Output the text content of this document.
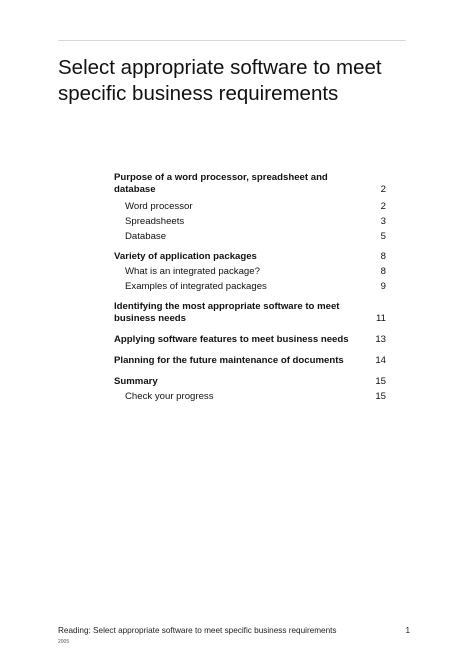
Select appropriate software to meet specific business requirements
Purpose of a word processor, spreadsheet and database	2
Word processor	2
Spreadsheets	3
Database	5
Variety of application packages	8
What is an integrated package?	8
Examples of integrated packages	9
Identifying the most appropriate software to meet business needs	11
Applying software features to meet business needs	13
Planning for the future maintenance of documents	14
Summary	15
Check your progress	15
Reading: Select appropriate software to meet specific business requirements	1
2005
